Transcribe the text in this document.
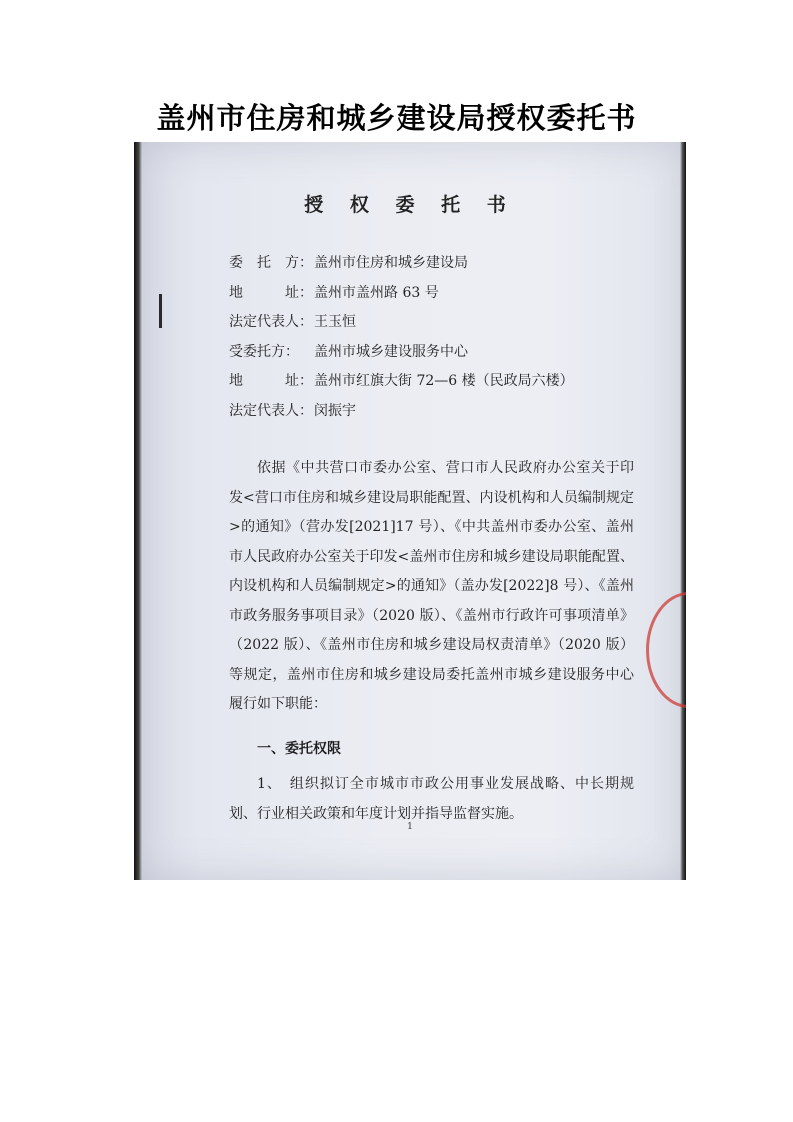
盖州市住房和城乡建设局授权委托书
授 权 委 托 书
委　托　方：盖州市住房和城乡建设局
地　　　址：盖州市盖州路 63 号
法定代表人：王玉恒
受委托方： 盖州市城乡建设服务中心
地　　　址：盖州市红旗大街 72—6 楼（民政局六楼）
法定代表人：闵振宇
依据《中共营口市委办公室、营口市人民政府办公室关于印发<营口市住房和城乡建设局职能配置、内设机构和人员编制规定>的通知》（营办发[2021]17 号）、《中共盖州市委办公室、盖州市人民政府办公室关于印发<盖州市住房和城乡建设局职能配置、内设机构和人员编制规定>的通知》（盖办发[2022]8 号）、《盖州市政务服务事项目录》（2020 版）、《盖州市行政许可事项清单》（2022 版）、《盖州市住房和城乡建设局权责清单》（2020 版）等规定，盖州市住房和城乡建设局委托盖州市城乡建设服务中心履行如下职能：
一、委托权限
1、　组织拟订全市城市市政公用事业发展战略、中长期规划、行业相关政策和年度计划并指导监督实施。
1
